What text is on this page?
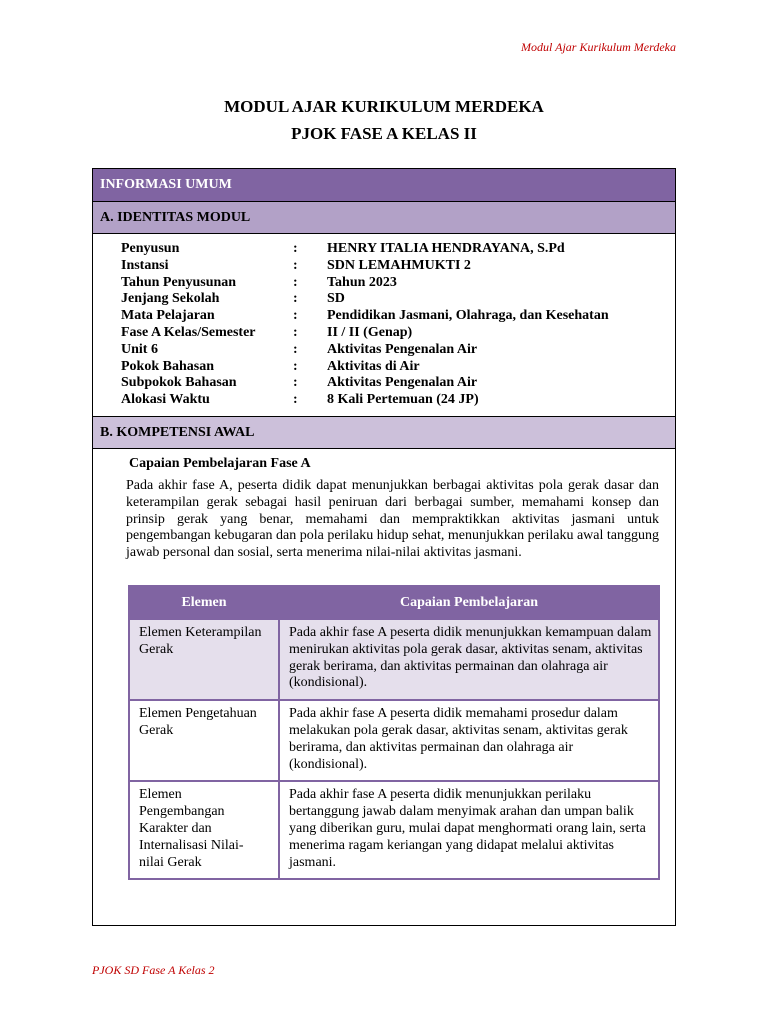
Modul Ajar Kurikulum Merdeka
MODUL AJAR KURIKULUM MERDEKA
PJOK FASE A KELAS II
INFORMASI UMUM
A. IDENTITAS MODUL
Penyusun	: HENRY ITALIA HENDRAYANA, S.Pd
Instansi	: SDN LEMAHMUKTI 2
Tahun Penyusunan	: Tahun 2023
Jenjang Sekolah	: SD
Mata Pelajaran	: Pendidikan Jasmani, Olahraga, dan Kesehatan
Fase A Kelas/Semester	: II / II (Genap)
Unit 6	: Aktivitas Pengenalan Air
Pokok Bahasan	: Aktivitas di Air
Subpokok Bahasan	: Aktivitas Pengenalan Air
Alokasi Waktu	: 8 Kali Pertemuan (24 JP)
B. KOMPETENSI AWAL
Capaian Pembelajaran Fase A
Pada akhir fase A, peserta didik dapat menunjukkan berbagai aktivitas pola gerak dasar dan keterampilan gerak sebagai hasil peniruan dari berbagai sumber, memahami konsep dan prinsip gerak yang benar, memahami dan mempraktikkan aktivitas jasmani untuk pengembangan kebugaran dan pola perilaku hidup sehat, menunjukkan perilaku awal tanggung jawab personal dan sosial, serta menerima nilai-nilai aktivitas jasmani.
Elemen	Capaian Pembelajaran
Elemen Keterampilan Gerak	Pada akhir fase A peserta didik menunjukkan kemampuan dalam menirukan aktivitas pola gerak dasar, aktivitas senam, aktivitas gerak berirama, dan aktivitas permainan dan olahraga air (kondisional).
Elemen Pengetahuan Gerak	Pada akhir fase A peserta didik memahami prosedur dalam melakukan pola gerak dasar, aktivitas senam, aktivitas gerak berirama, dan aktivitas permainan dan olahraga air (kondisional).
Elemen Pengembangan Karakter dan Internalisasi Nilai-nilai Gerak	Pada akhir fase A peserta didik menunjukkan perilaku bertanggung jawab dalam menyimak arahan dan umpan balik yang diberikan guru, mulai dapat menghormati orang lain, serta menerima ragam keriangan yang didapat melalui aktivitas jasmani.
PJOK SD Fase A Kelas 2
